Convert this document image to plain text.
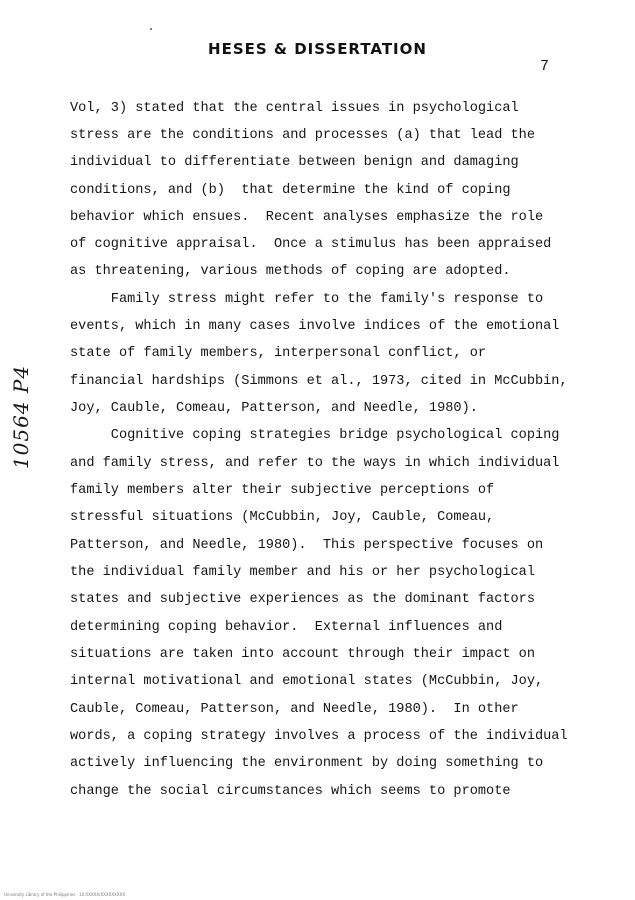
HESES & DISSERTATION
7
10564 P4
Vol, 3) stated that the central issues in psychological
stress are the conditions and processes (a) that lead the
individual to differentiate between benign and damaging
conditions, and (b)  that determine the kind of coping
behavior which ensues.  Recent analyses emphasize the role
of cognitive appraisal.  Once a stimulus has been appraised
as threatening, various methods of coping are adopted.
Family stress might refer to the family's response to
events, which in many cases involve indices of the emotional
state of family members, interpersonal conflict, or
financial hardships (Simmons et al., 1973, cited in McCubbin,
Joy, Cauble, Comeau, Patterson, and Needle, 1980).
Cognitive coping strategies bridge psychological coping
and family stress, and refer to the ways in which individual
family members alter their subjective perceptions of
stressful situations (McCubbin, Joy, Cauble, Comeau,
Patterson, and Needle, 1980).  This perspective focuses on
the individual family member and his or her psychological
states and subjective experiences as the dominant factors
determining coping behavior.  External influences and
situations are taken into account through their impact on
internal motivational and emotional states (McCubbin, Joy,
Cauble, Comeau, Patterson, and Needle, 1980).  In other
words, a coping strategy involves a process of the individual
actively influencing the environment by doing something to
change the social circumstances which seems to promote
University Library of the Philippines · 10.XXXXX/XXXXXXXXX
